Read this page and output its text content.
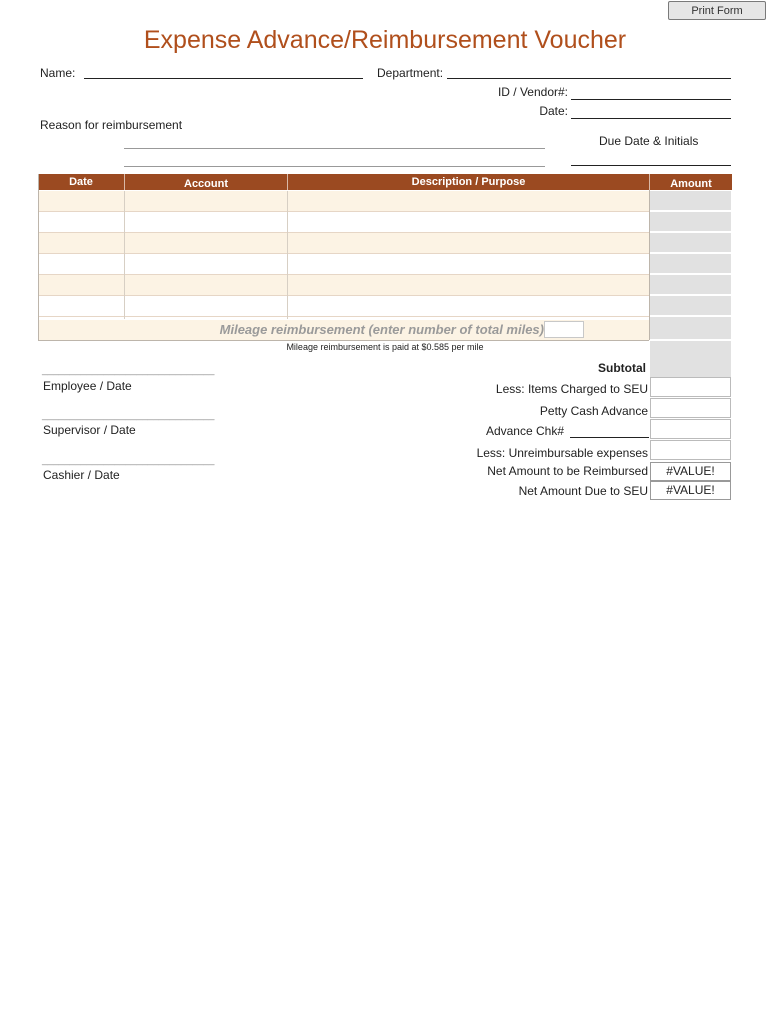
Print Form
Expense Advance/Reimbursement Voucher
Name:	Department:
ID / Vendor#:
Date:
Reason for reimbursement
Due Date & Initials
Date	Account	Description / Purpose	Amount
Mileage reimbursement (enter number of total miles)
Mileage reimbursement is paid at $0.585 per mile
Subtotal
_______________________________
Employee / Date
_______________________________
Supervisor / Date
_______________________________
Cashier / Date
Less: Items Charged to SEU
Petty Cash Advance
Advance Chk#
Less: Unreimbursable expenses
Net Amount to be Reimbursed	#VALUE!
Net Amount Due to SEU	#VALUE!
